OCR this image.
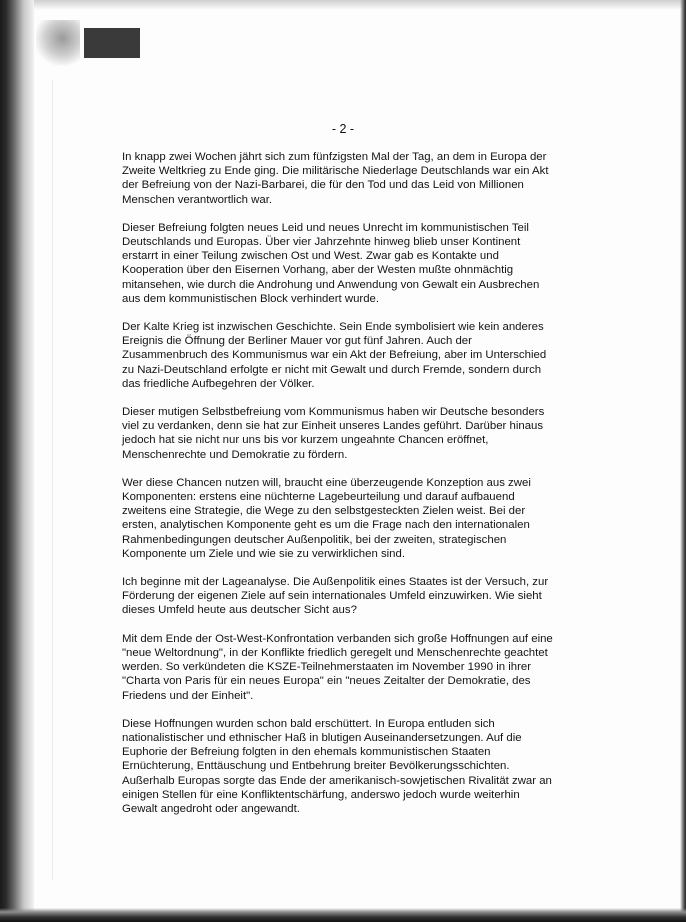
- 2 -

In knapp zwei Wochen jährt sich zum fünfzigsten Mal der Tag, an dem in Europa der
Zweite Weltkrieg zu Ende ging. Die militärische Niederlage Deutschlands war ein Akt
der Befreiung von der Nazi-Barbarei, die für den Tod und das Leid von Millionen
Menschen verantwortlich war.

Dieser Befreiung folgten neues Leid und neues Unrecht im kommunistischen Teil
Deutschlands und Europas. Über vier Jahrzehnte hinweg blieb unser Kontinent
erstarrt in einer Teilung zwischen Ost und West. Zwar gab es Kontakte und
Kooperation über den Eisernen Vorhang, aber der Westen mußte ohnmächtig
mitansehen, wie durch die Androhung und Anwendung von Gewalt ein Ausbrechen
aus dem kommunistischen Block verhindert wurde.

Der Kalte Krieg ist inzwischen Geschichte. Sein Ende symbolisiert wie kein anderes
Ereignis die Öffnung der Berliner Mauer vor gut fünf Jahren. Auch der
Zusammenbruch des Kommunismus war ein Akt der Befreiung, aber im Unterschied
zu Nazi-Deutschland erfolgte er nicht mit Gewalt und durch Fremde, sondern durch
das friedliche Aufbegehren der Völker.

Dieser mutigen Selbstbefreiung vom Kommunismus haben wir Deutsche besonders
viel zu verdanken, denn sie hat zur Einheit unseres Landes geführt. Darüber hinaus
jedoch hat sie nicht nur uns bis vor kurzem ungeahnte Chancen eröffnet,
Menschenrechte und Demokratie zu fördern.

Wer diese Chancen nutzen will, braucht eine überzeugende Konzeption aus zwei
Komponenten: erstens eine nüchterne Lagebeurteilung und darauf aufbauend
zweitens eine Strategie, die Wege zu den selbstgesteckten Zielen weist. Bei der
ersten, analytischen Komponente geht es um die Frage nach den internationalen
Rahmenbedingungen deutscher Außenpolitik, bei der zweiten, strategischen
Komponente um Ziele und wie sie zu verwirklichen sind.

Ich beginne mit der Lageanalyse. Die Außenpolitik eines Staates ist der Versuch, zur
Förderung der eigenen Ziele auf sein internationales Umfeld einzuwirken. Wie sieht
dieses Umfeld heute aus deutscher Sicht aus?

Mit dem Ende der Ost-West-Konfrontation verbanden sich große Hoffnungen auf eine
"neue Weltordnung", in der Konflikte friedlich geregelt und Menschenrechte geachtet
werden. So verkündeten die KSZE-Teilnehmerstaaten im November 1990 in ihrer
"Charta von Paris für ein neues Europa" ein "neues Zeitalter der Demokratie, des
Friedens und der Einheit".

Diese Hoffnungen wurden schon bald erschüttert. In Europa entluden sich
nationalistischer und ethnischer Haß in blutigen Auseinandersetzungen. Auf die
Euphorie der Befreiung folgten in den ehemals kommunistischen Staaten
Ernüchterung, Enttäuschung und Entbehrung breiter Bevölkerungsschichten.
Außerhalb Europas sorgte das Ende der amerikanisch-sowjetischen Rivalität zwar an
einigen Stellen für eine Konfliktentschärfung, anderswo jedoch wurde weiterhin
Gewalt angedroht oder angewandt.
